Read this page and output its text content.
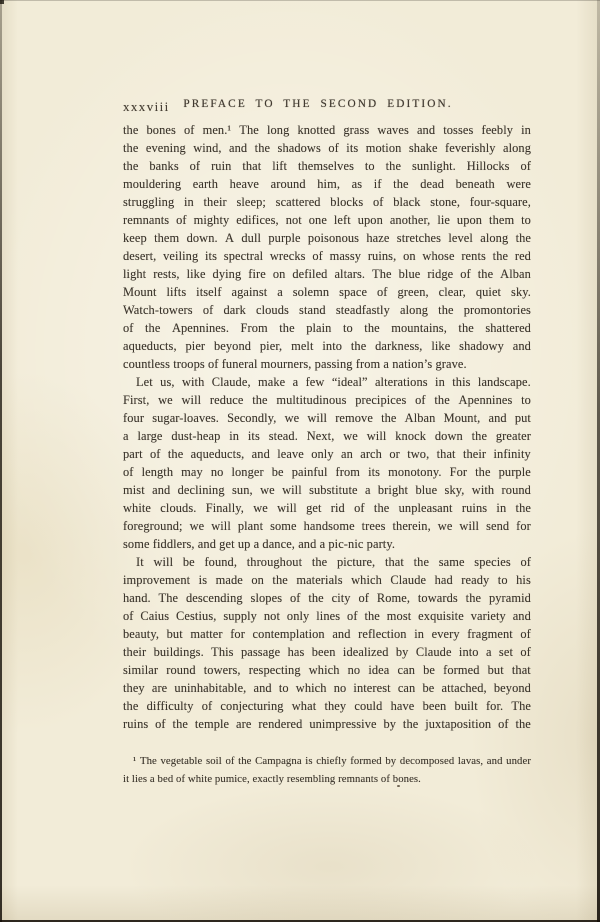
xxxviii	PREFACE TO THE SECOND EDITION.
the bones of men.¹ The long knotted grass waves and tosses feebly in
the evening wind, and the shadows of its motion shake feverishly along
the banks of ruin that lift themselves to the sunlight. Hillocks of
mouldering earth heave around him, as if the dead beneath were
struggling in their sleep; scattered blocks of black stone, four-square,
remnants of mighty edifices, not one left upon another, lie upon them to
keep them down. A dull purple poisonous haze stretches level along the
desert, veiling its spectral wrecks of massy ruins, on whose rents the red
light rests, like dying fire on defiled altars. The blue ridge of the Alban
Mount lifts itself against a solemn space of green, clear, quiet sky.
Watch-towers of dark clouds stand steadfastly along the promontories
of the Apennines. From the plain to the mountains, the shattered
aqueducts, pier beyond pier, melt into the darkness, like shadowy and
countless troops of funeral mourners, passing from a nation’s grave.
Let us, with Claude, make a few “ideal” alterations in this landscape.
First, we will reduce the multitudinous precipices of the Apennines to
four sugar-loaves. Secondly, we will remove the Alban Mount, and put
a large dust-heap in its stead. Next, we will knock down the greater
part of the aqueducts, and leave only an arch or two, that their infinity
of length may no longer be painful from its monotony. For the purple
mist and declining sun, we will substitute a bright blue sky, with round
white clouds. Finally, we will get rid of the unpleasant ruins in the
foreground; we will plant some handsome trees therein, we will send for
some fiddlers, and get up a dance, and a pic-nic party.
It will be found, throughout the picture, that the same species of
improvement is made on the materials which Claude had ready to his
hand. The descending slopes of the city of Rome, towards the pyramid
of Caius Cestius, supply not only lines of the most exquisite variety and
beauty, but matter for contemplation and reflection in every fragment of
their buildings. This passage has been idealized by Claude into a set of
similar round towers, respecting which no idea can be formed but that
they are uninhabitable, and to which no interest can be attached, beyond
the difficulty of conjecturing what they could have been built for. The
ruins of the temple are rendered unimpressive by the juxtaposition of the
¹ The vegetable soil of the Campagna is chiefly formed by decomposed lavas, and under
it lies a bed of white pumice, exactly resembling remnants of bones.
